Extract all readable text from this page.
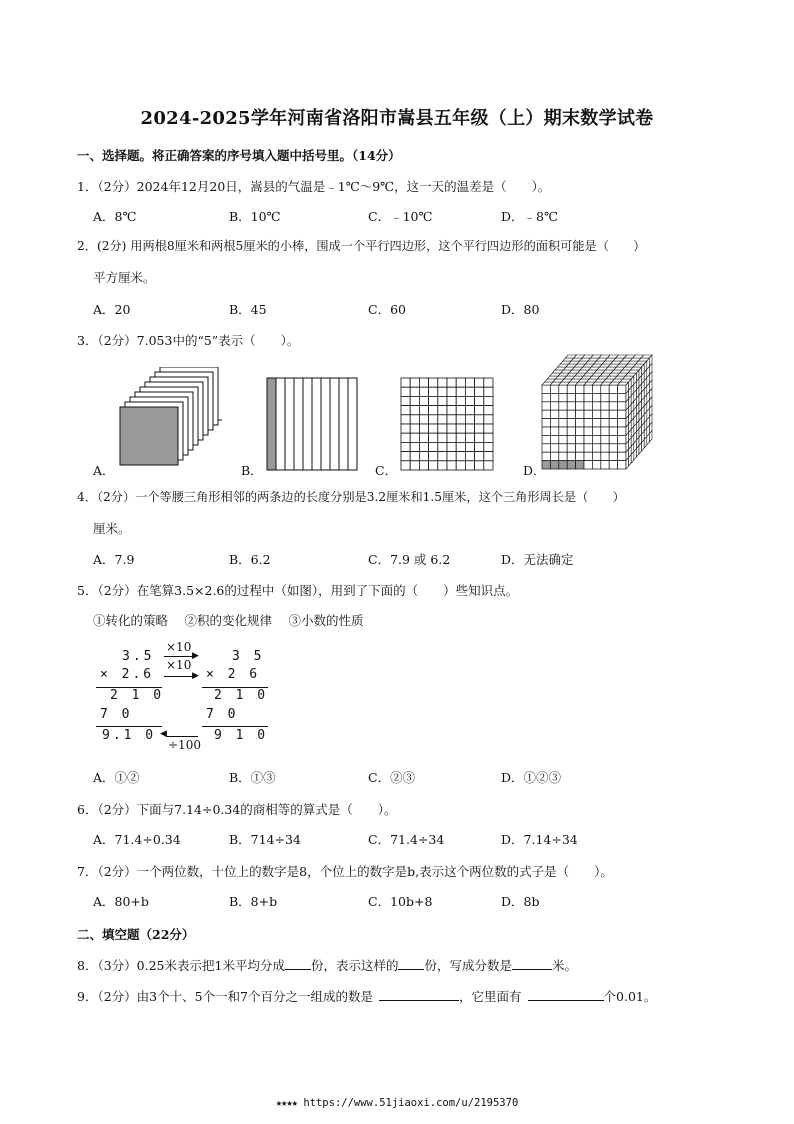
2024-2025学年河南省洛阳市嵩县五年级（上）期末数学试卷
一、选择题。将正确答案的序号填入题中括号里。（14分）
1．（2分）2024年12月20日，嵩县的气温是﹣1℃～9℃，这一天的温差是（　　）。
A．8℃	B．10℃	C．﹣10℃	D．﹣8℃
2．(2分) 用两根8厘米和两根5厘米的小棒，围成一个平行四边形，这个平行四边形的面积可能是（　　）
平方厘米。
A．20	B．45	C．60	D．80
3．（2分）7.053中的“5”表示（　　）。
A．	B．	C．	D．
4．（2分）一个等腰三角形相邻的两条边的长度分别是3.2厘米和1.5厘米，这个三角形周长是（　　）
厘米。
A．7.9	B．6.2	C．7.9 或 6.2	D．无法确定
5．（2分）在笔算3.5×2.6的过程中（如图），用到了下面的（　　）些知识点。
①转化的策略　 ②积的变化规律　 ③小数的性质
3.5
× 2.6
2 1 0
7 0
9.1 0
×10
▶
×10
▶
3 5
× 2 6
2 1 0
7 0
9 1 0
◀
÷100
A．①②	B．①③	C．②③	D．①②③
6．（2分）下面与7.14÷0.34的商相等的算式是（　　）。
A．71.4÷0.34	B．714÷34	C．71.4÷34	D．7.14÷34
7．（2分）一个两位数，十位上的数字是8，个位上的数字是b,表示这个两位数的式子是（　　）。
A．80+b	B．8+b	C．10b+8	D．8b
二、填空题（22分）
8．（3分）0.25米表示把1米平均分成 份，表示这样的 份，写成分数是	米。
9．（2分）由3个十、5个一和7个百分之一组成的数是	，它里面有	个0.01。
★★★★ https://www.51jiaoxi.com/u/2195370
